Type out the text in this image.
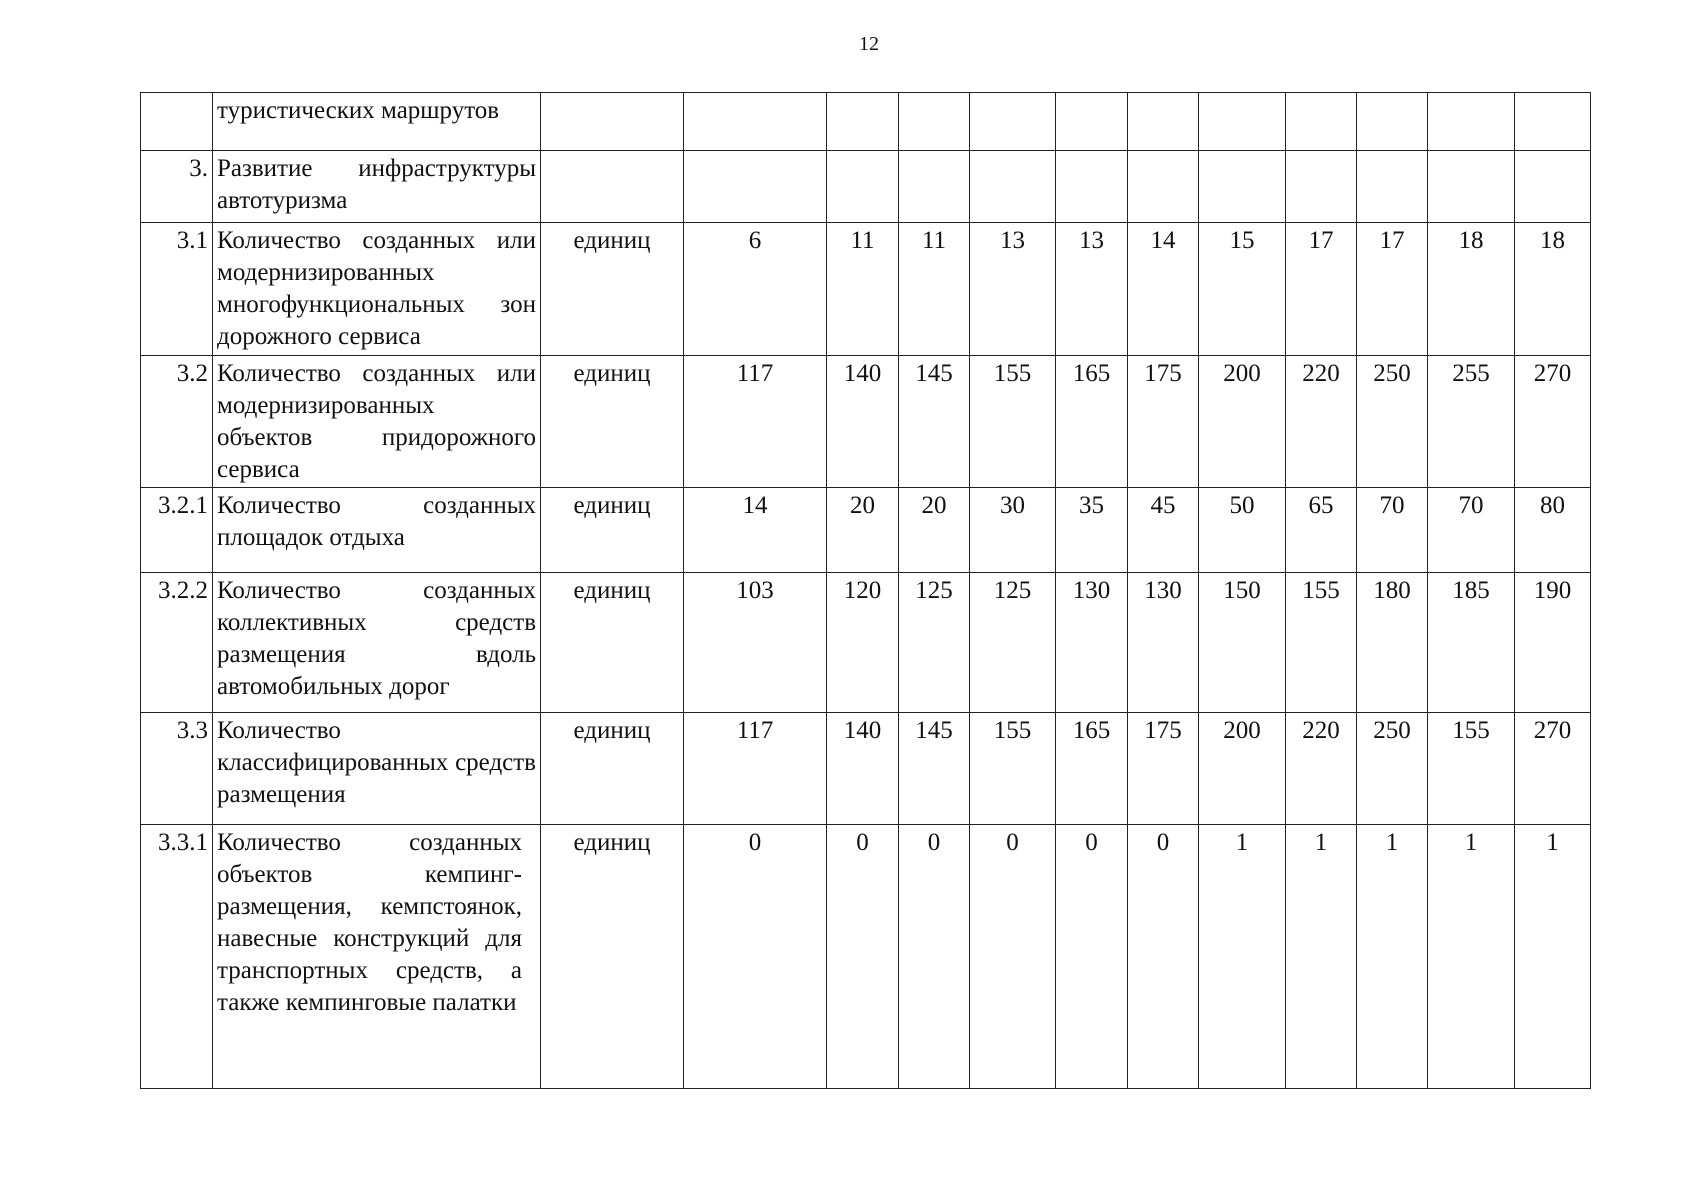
12
	туристических маршрутов												
3.	Развитие инфраструктуры автотуризма												
3.1	Количество созданных или модернизированных многофункциональных зон дорожного сервиса	единиц	6	11	11	13	13	14	15	17	17	18	18
3.2	Количество созданных или модернизированных объектов придорожного сервиса	единиц	117	140	145	155	165	175	200	220	250	255	270
3.2.1	Количество созданных площадок отдыха	единиц	14	20	20	30	35	45	50	65	70	70	80
3.2.2	Количество созданных коллективных средств размещения вдоль автомобильных дорог	единиц	103	120	125	125	130	130	150	155	180	185	190
3.3	Количество классифицированных средств размещения	единиц	117	140	145	155	165	175	200	220	250	155	270
3.3.1	Количество созданных объектов кемпинг-размещения, кемпстоянок, навесные конструкций для транспортных средств, а также кемпинговые палатки	единиц	0	0	0	0	0	0	1	1	1	1	1
